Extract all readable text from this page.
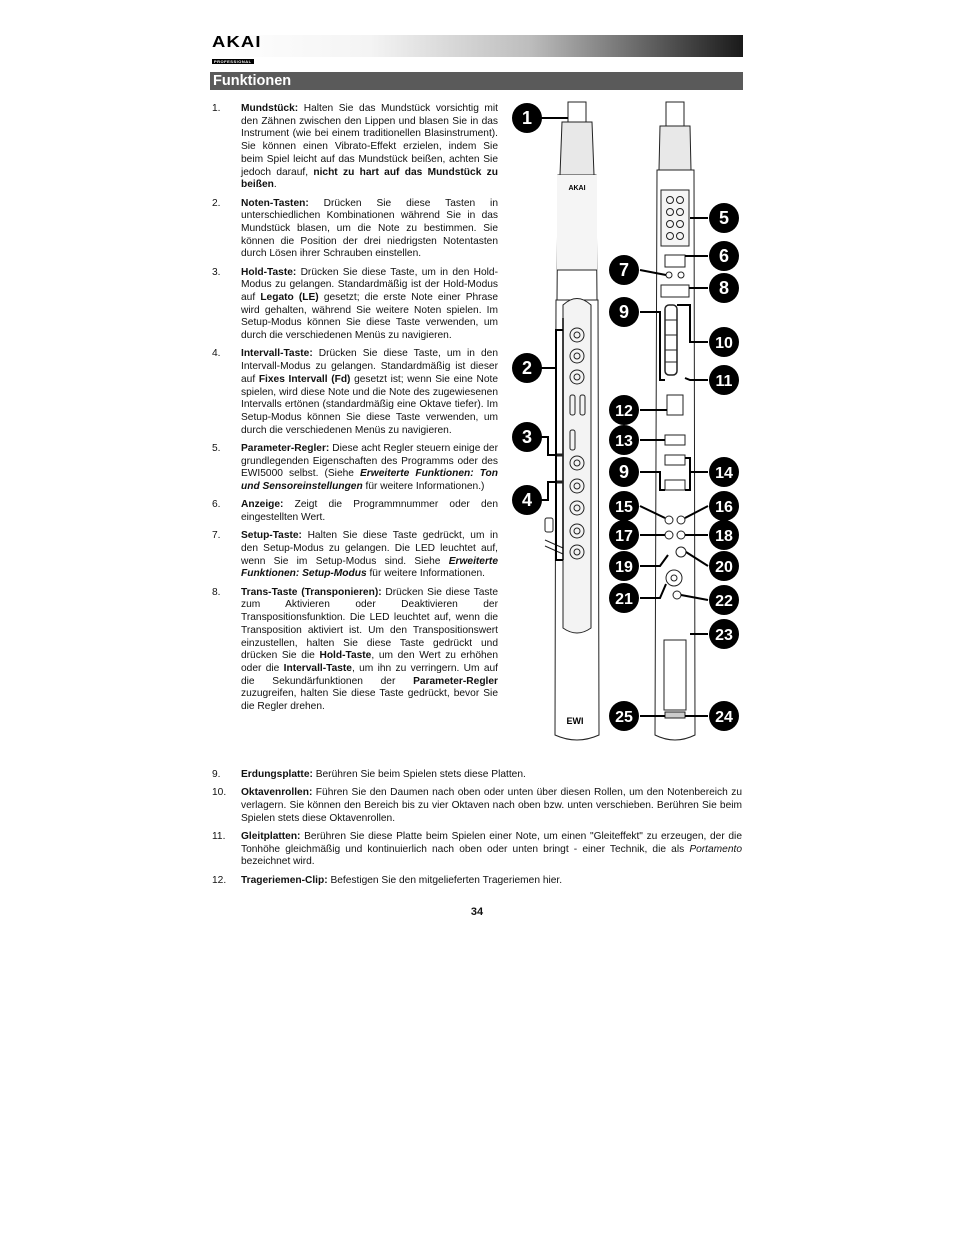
AKAI
PROFESSIONAL
Funktionen
1.	Mundstück: Halten Sie das Mundstück vorsichtig mit den Zähnen zwischen den Lippen und blasen Sie in das Instrument (wie bei einem traditionellen Blasinstrument). Sie können einen Vibrato-Effekt erzielen, indem Sie beim Spiel leicht auf das Mundstück beißen, achten Sie jedoch darauf, nicht zu hart auf das Mundstück zu beißen.
2.	Noten-Tasten: Drücken Sie diese Tasten in unterschiedlichen Kombinationen während Sie in das Mundstück blasen, um die Note zu bestimmen. Sie können die Position der drei niedrigsten Notentasten durch Lösen ihrer Schrauben einstellen.
3.	Hold-Taste: Drücken Sie diese Taste, um in den Hold-Modus zu gelangen. Standardmäßig ist der Hold-Modus auf Legato (LE) gesetzt; die erste Note einer Phrase wird gehalten, während Sie weitere Noten spielen. Im Setup-Modus können Sie diese Taste verwenden, um durch die verschiedenen Menüs zu navigieren.
4.	Intervall-Taste: Drücken Sie diese Taste, um in den Intervall-Modus zu gelangen. Standardmäßig ist dieser auf Fixes Intervall (Fd) gesetzt ist; wenn Sie eine Note spielen, wird diese Note und die Note des zugewiesenen Intervalls ertönen (standardmäßig eine Oktave tiefer). Im Setup-Modus können Sie diese Taste verwenden, um durch die verschiedenen Menüs zu navigieren.
5.	Parameter-Regler: Diese acht Regler steuern einige der grundlegenden Eigenschaften des Programms oder des EWI5000 selbst. (Siehe Erweiterte Funktionen: Ton und Sensoreinstellungen für weitere Informationen.)
6.	Anzeige: Zeigt die Programmnummer oder den eingestellten Wert.
7.	Setup-Taste: Halten Sie diese Taste gedrückt, um in den Setup-Modus zu gelangen. Die LED leuchtet auf, wenn Sie im Setup-Modus sind. Siehe Erweiterte Funktionen: Setup-Modus für weitere Informationen.
8.	Trans-Taste (Transponieren): Drücken Sie diese Taste zum Aktivieren oder Deaktivieren der Transpositionsfunktion. Die LED leuchtet auf, wenn die Transposition aktiviert ist. Um den Transpositionswert einzustellen, halten Sie diese Taste gedrückt und drücken Sie die Hold-Taste, um den Wert zu erhöhen oder die Intervall-Taste, um ihn zu verringern. Um auf die Sekundärfunktionen der Parameter-Regler zuzugreifen, halten Sie diese Taste gedrückt, bevor Sie die Regler drehen.
9.	Erdungsplatte: Berühren Sie beim Spielen stets diese Platten.
10.	Oktavenrollen: Führen Sie den Daumen nach oben oder unten über diesen Rollen, um den Notenbereich zu verlagern. Sie können den Bereich bis zu vier Oktaven nach oben bzw. unten verschieben. Berühren Sie beim Spielen stets diese Oktavenrollen.
11.	Gleitplatten: Berühren Sie diese Platte beim Spielen einer Note, um einen "Gleiteffekt" zu erzeugen, der die Tonhöhe gleichmäßig und kontinuierlich nach oben oder unten bringt - einer Technik, die als Portamento bezeichnet wird.
12.	Trageriemen-Clip: Befestigen Sie den mitgelieferten Trageriemen hier.
AKAI
EWI
1
2
3
4
5
6
7
8
9
10
11
12
13
9	14
15	16
17	18
19	20
21	22
23
25	24
34
